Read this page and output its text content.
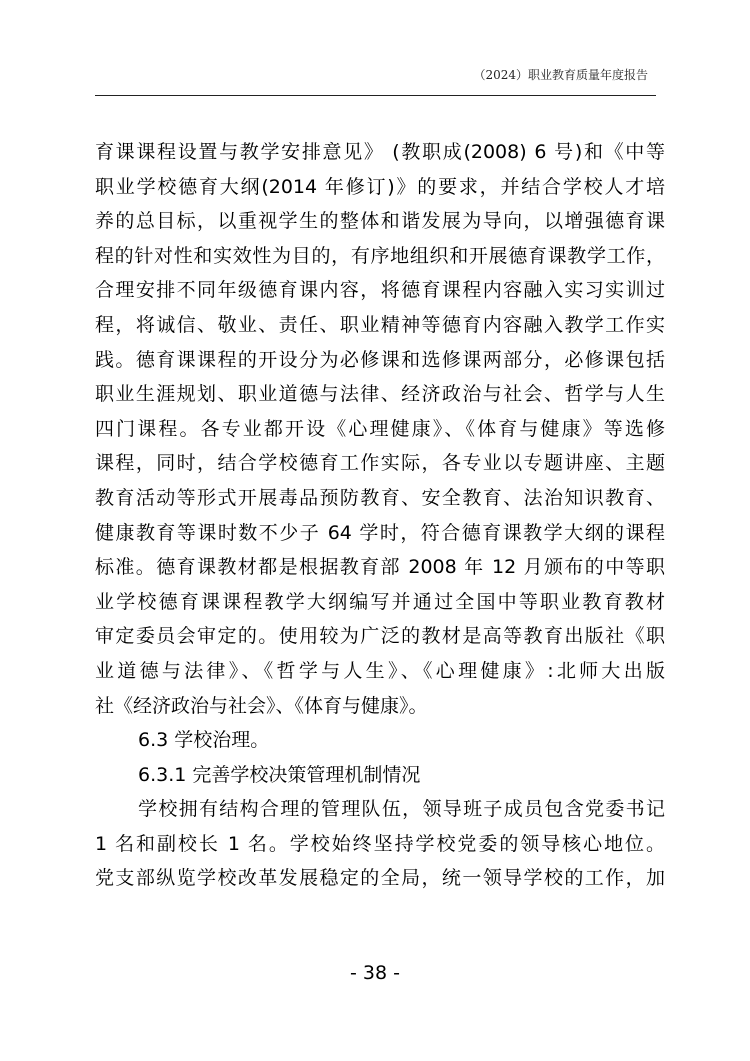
（2024）职业教育质量年度报告
育课课程设置与教学安排意见》 (教职成(2008) 6 号)和《中等
职业学校德育大纲(2014 年修订)》的要求，并结合学校人才培
养的总目标，以重视学生的整体和谐发展为导向，以增强德育课
程的针对性和实效性为目的，有序地组织和开展德育课教学工作，
合理安排不同年级德育课内容，将德育课程内容融入实习实训过
程，将诚信、敬业、责任、职业精神等德育内容融入教学工作实
践。德育课课程的开设分为必修课和选修课两部分，必修课包括
职业生涯规划、职业道德与法律、经济政治与社会、哲学与人生
四门课程。各专业都开设《心理健康》、《体育与健康》等选修
课程，同时，结合学校德育工作实际，各专业以专题讲座、主题
教育活动等形式开展毒品预防教育、安全教育、法治知识教育、
健康教育等课时数不少子 64 学时，符合德育课教学大纲的课程
标准。德育课教材都是根据教育部 2008 年 12 月颁布的中等职
业学校德育课课程教学大纲编写并通过全国中等职业教育教材
审定委员会审定的。使用较为广泛的教材是高等教育出版社《职
业道德与法律》、《哲学与人生》、《心理健康》:北师大出版
社《经济政治与社会》、《体育与健康》。
6.3 学校治理。
6.3.1 完善学校决策管理机制情况
学校拥有结构合理的管理队伍，领导班子成员包含党委书记
1 名和副校长 1 名。学校始终坚持学校党委的领导核心地位。
党支部纵览学校改革发展稳定的全局，统一领导学校的工作，加
- 38 -
